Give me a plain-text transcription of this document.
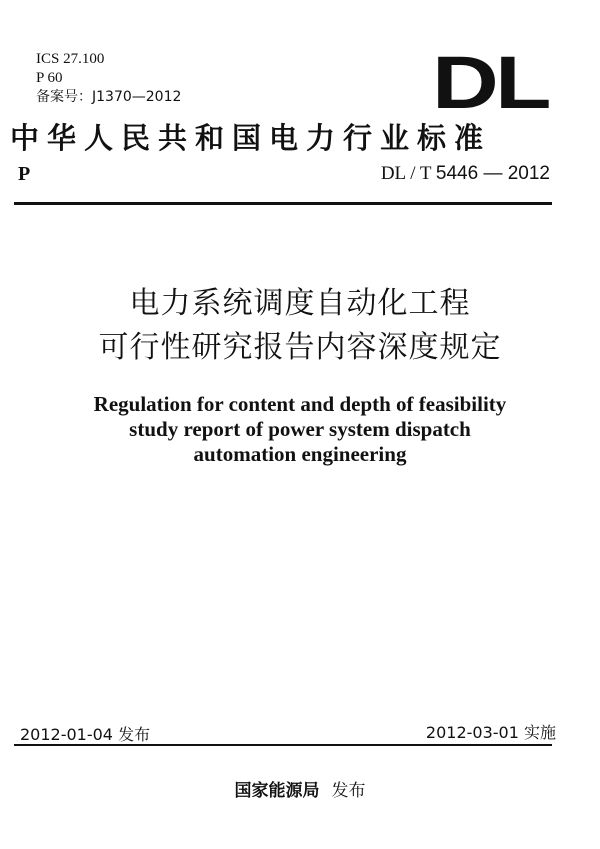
ICS 27.100
P 60
备案号：J1370—2012	DL
中华人民共和国电力行业标准
P	DL / T 5446 — 2012
电力系统调度自动化工程
可行性研究报告内容深度规定
Regulation for content and depth of feasibility
study report of power system dispatch
automation engineering
2012-01-04 发布	2012-03-01 实施
国家能源局 发布
